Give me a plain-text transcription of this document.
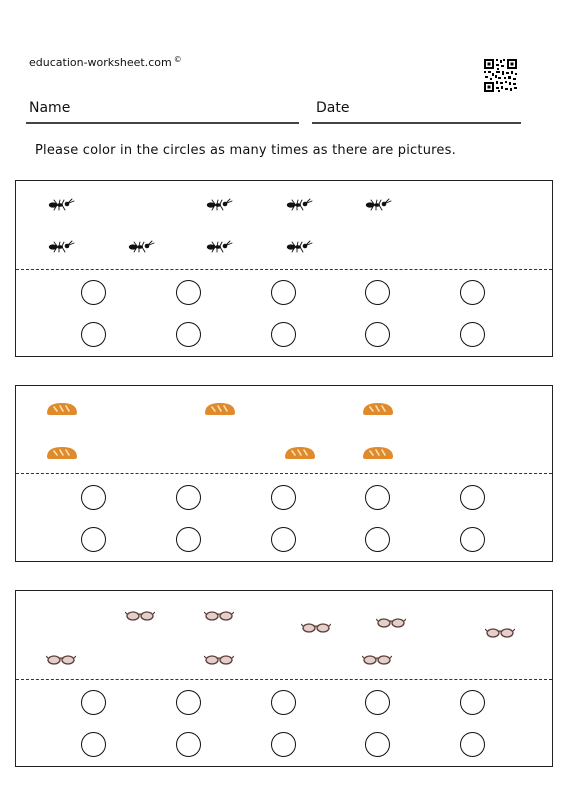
education-worksheet.com ©
Name	Date
Please color in the circles as many times as there are pictures.
